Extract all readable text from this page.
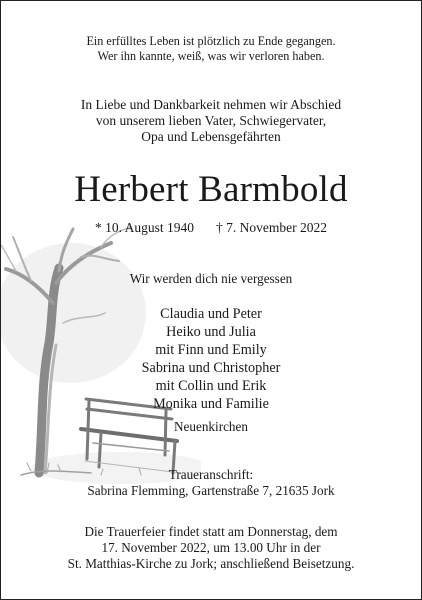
Ein erfülltes Leben ist plötzlich zu Ende gegangen.
Wer ihn kannte, weiß, was wir verloren haben.
In Liebe und Dankbarkeit nehmen wir Abschied
von unserem lieben Vater, Schwiegervater,
Opa und Lebensgefährten
Herbert Barmbold
* 10. August 1940 † 7. November 2022
Wir werden dich nie vergessen
Claudia und Peter
Heiko und Julia
mit Finn und Emily
Sabrina und Christopher
mit Collin und Erik
Monika und Familie
Neuenkirchen
Traueranschrift:
Sabrina Flemming, Gartenstraße 7, 21635 Jork
Die Trauerfeier findet statt am Donnerstag, dem
17. November 2022, um 13.00 Uhr in der
St. Matthias-Kirche zu Jork; anschließend Beisetzung.
